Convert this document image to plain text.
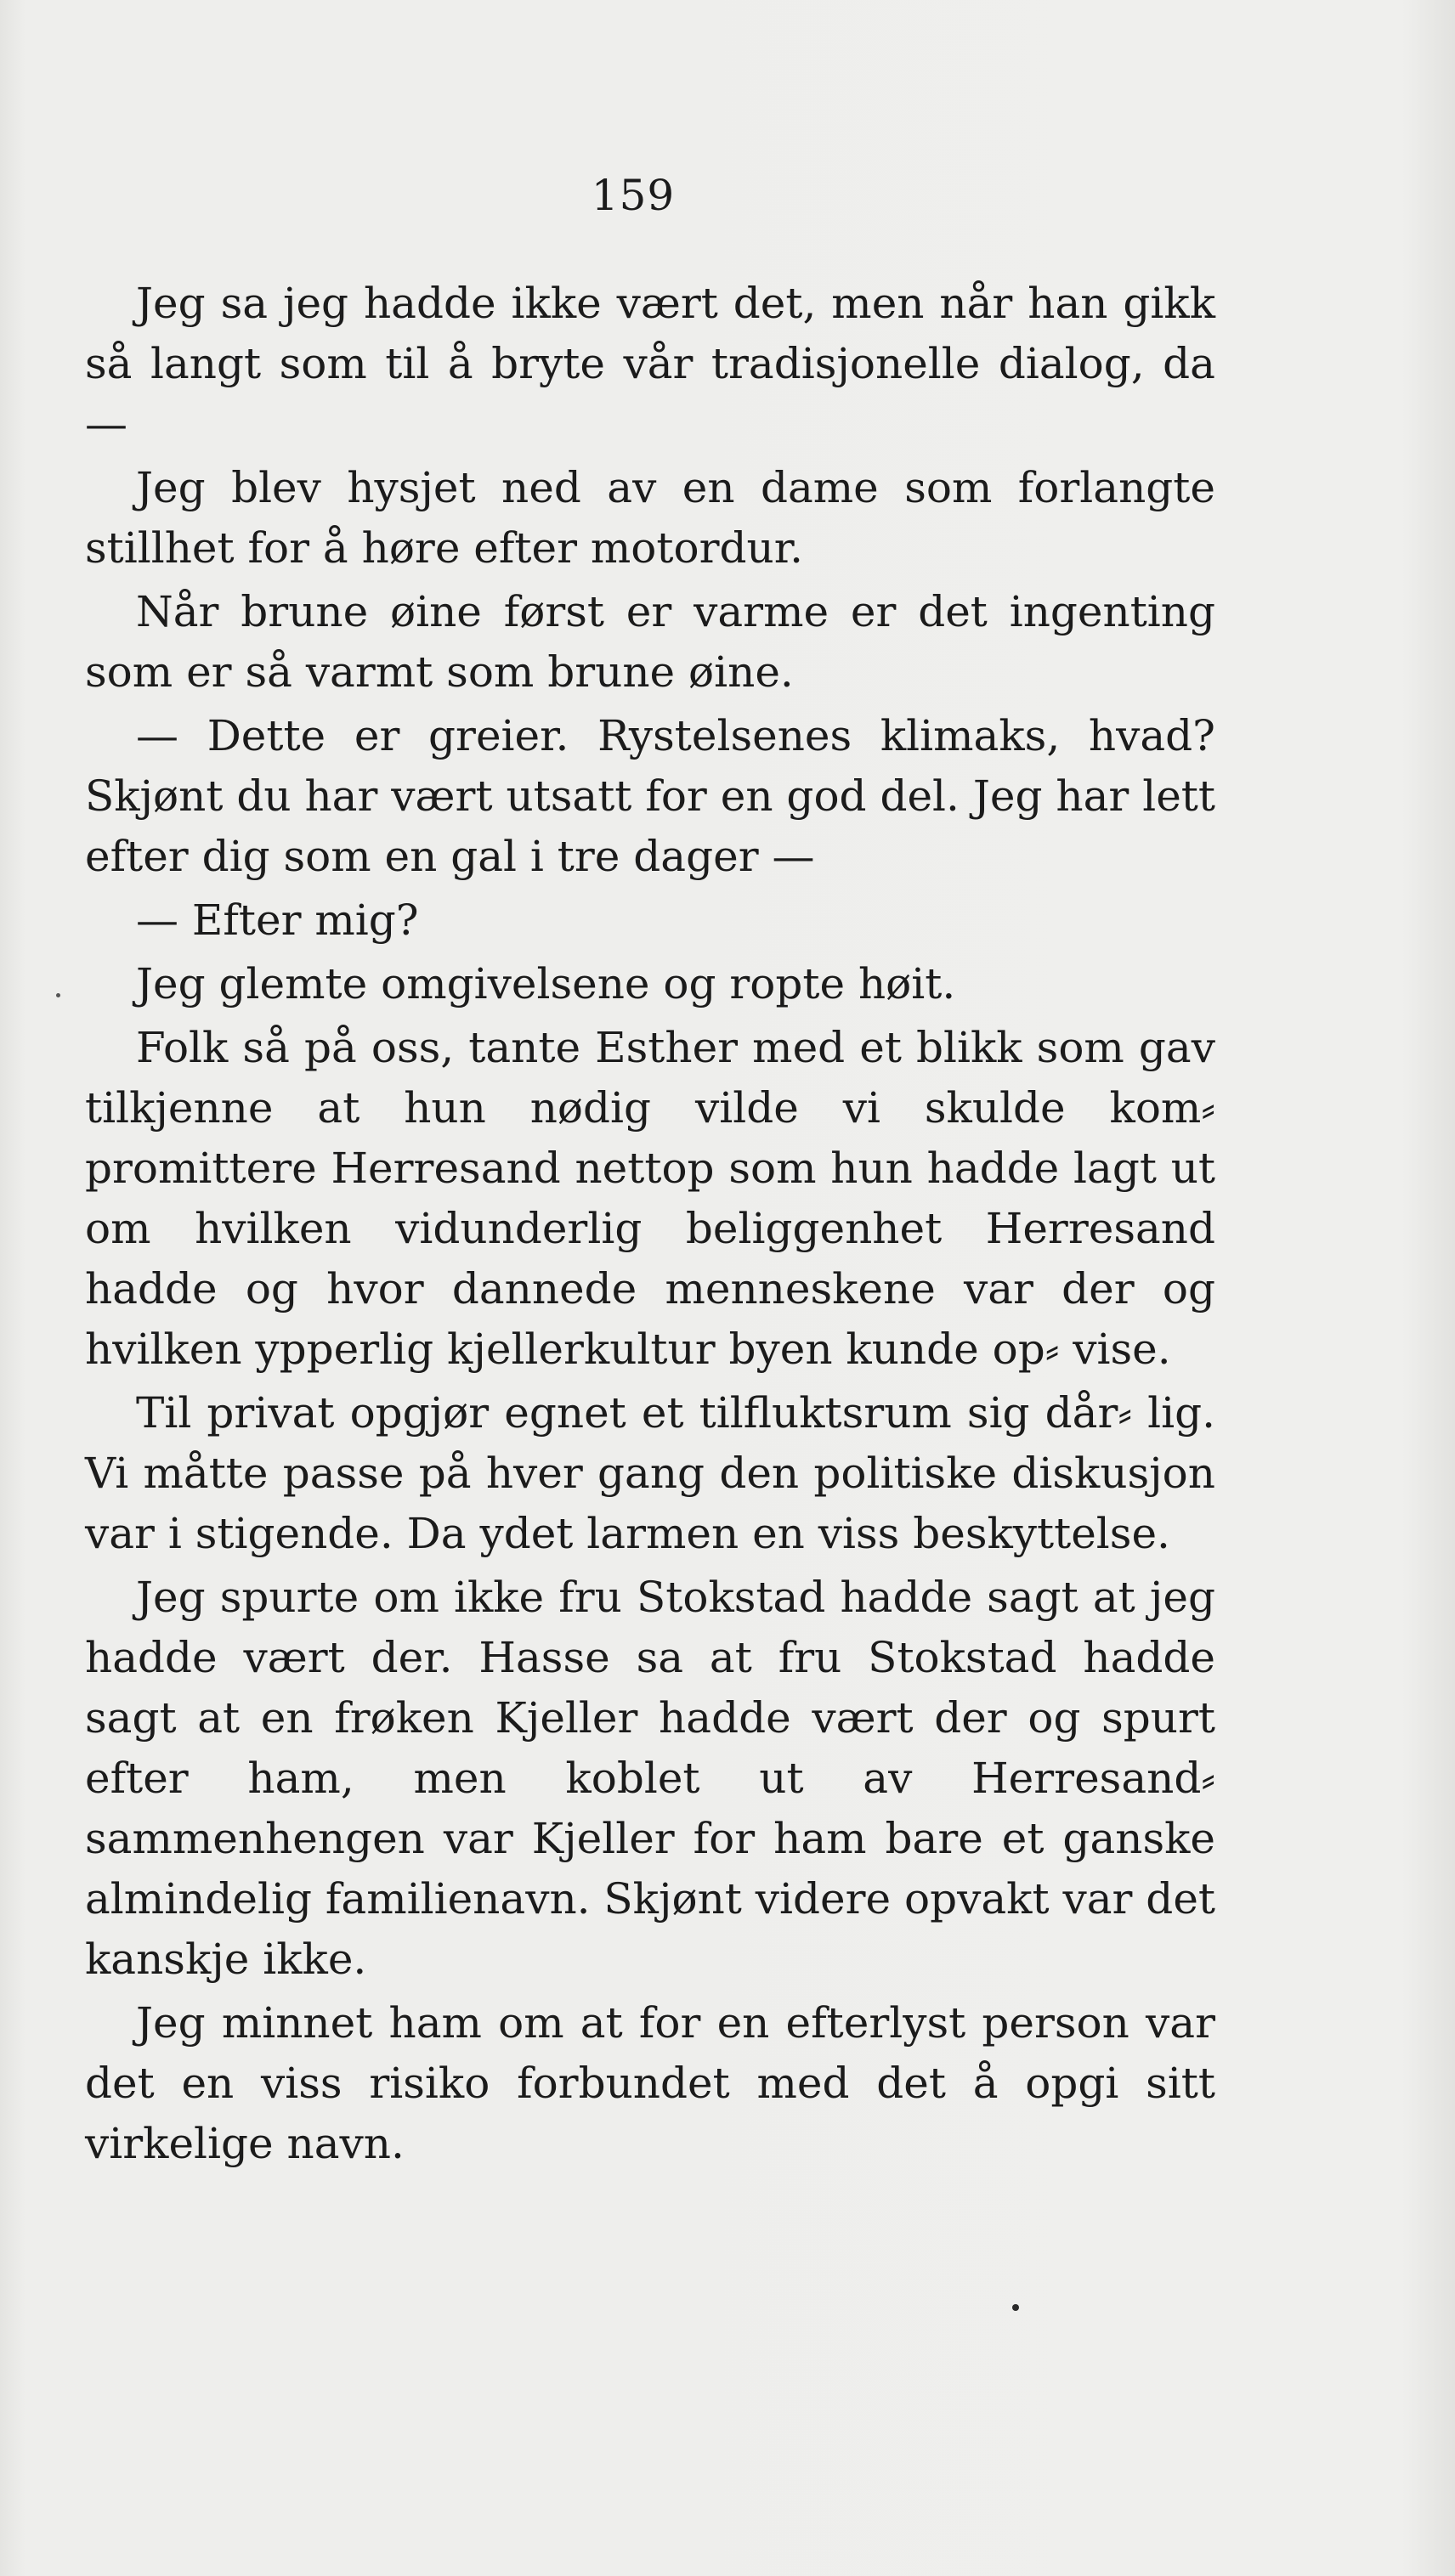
159

Jeg sa jeg hadde ikke vært det, men når han gikk så langt som til å bryte vår tradisjonelle dialog, da —

Jeg blev hysjet ned av en dame som forlangte stillhet for å høre efter motordur.

Når brune øine først er varme er det ingenting som er så varmt som brune øine.

— Dette er greier. Rystelsenes klimaks, hvad? Skjønt du har vært utsatt for en god del. Jeg har lett efter dig som en gal i tre dager —

— Efter mig?

Jeg glemte omgivelsene og ropte høit.

Folk så på oss, tante Esther med et blikk som gav tilkjenne at hun nødig vilde vi skulde kom⸗ promittere Herresand nettop som hun hadde lagt ut om hvilken vidunderlig beliggenhet Herresand hadde og hvor dannede menneskene var der og hvilken ypperlig kjellerkultur byen kunde op⸗ vise.

Til privat opgjør egnet et tilfluktsrum sig dår⸗ lig. Vi måtte passe på hver gang den politiske diskusjon var i stigende. Da ydet larmen en viss beskyttelse.

Jeg spurte om ikke fru Stokstad hadde sagt at jeg hadde vært der. Hasse sa at fru Stokstad hadde sagt at en frøken Kjeller hadde vært der og spurt efter ham, men koblet ut av Herresand⸗ sammenhengen var Kjeller for ham bare et ganske almindelig familienavn. Skjønt videre opvakt var det kanskje ikke.

Jeg minnet ham om at for en efterlyst person var det en viss risiko forbundet med det å opgi sitt virkelige navn.
